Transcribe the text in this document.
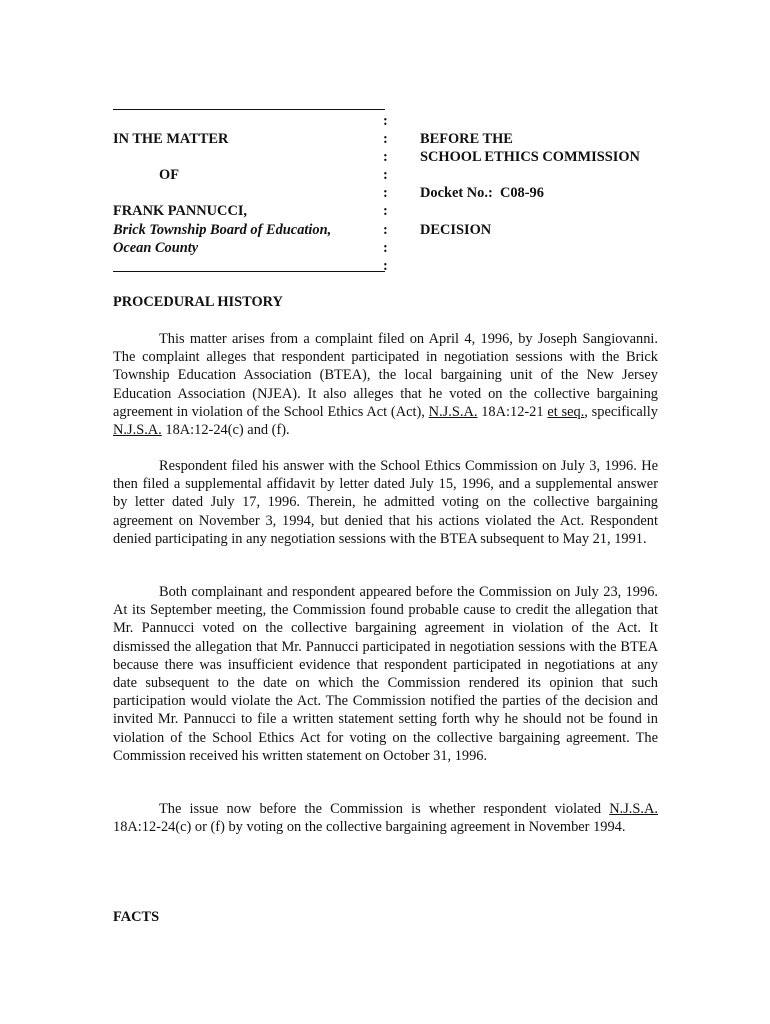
IN THE MATTER
OF
FRANK PANNUCCI,
Brick Township Board of Education,
Ocean County
:
:
:
:
:
:
:
:
:
BEFORE THE
SCHOOL ETHICS COMMISSION
Docket No.: C08-96
DECISION
PROCEDURAL HISTORY

This matter arises from a complaint filed on April 4, 1996, by Joseph Sangiovanni. The complaint alleges that respondent participated in negotiation sessions with the Brick Township Education Association (BTEA), the local bargaining unit of the New Jersey Education Association (NJEA). It also alleges that he voted on the collective bargaining agreement in violation of the School Ethics Act (Act), N.J.S.A. 18A:12-21 et seq., specifically N.J.S.A. 18A:12-24(c) and (f).

Respondent filed his answer with the School Ethics Commission on July 3, 1996. He then filed a supplemental affidavit by letter dated July 15, 1996, and a supplemental answer by letter dated July 17, 1996. Therein, he admitted voting on the collective bargaining agreement on November 3, 1994, but denied that his actions violated the Act. Respondent denied participating in any negotiation sessions with the BTEA subsequent to May 21, 1991.

Both complainant and respondent appeared before the Commission on July 23, 1996. At its September meeting, the Commission found probable cause to credit the allegation that Mr. Pannucci voted on the collective bargaining agreement in violation of the Act. It dismissed the allegation that Mr. Pannucci participated in negotiation sessions with the BTEA because there was insufficient evidence that respondent participated in negotiations at any date subsequent to the date on which the Commission rendered its opinion that such participation would violate the Act. The Commission notified the parties of the decision and invited Mr. Pannucci to file a written statement setting forth why he should not be found in violation of the School Ethics Act for voting on the collective bargaining agreement. The Commission received his written statement on October 31, 1996.

The issue now before the Commission is whether respondent violated N.J.S.A. 18A:12-24(c) or (f) by voting on the collective bargaining agreement in November 1994.

FACTS
